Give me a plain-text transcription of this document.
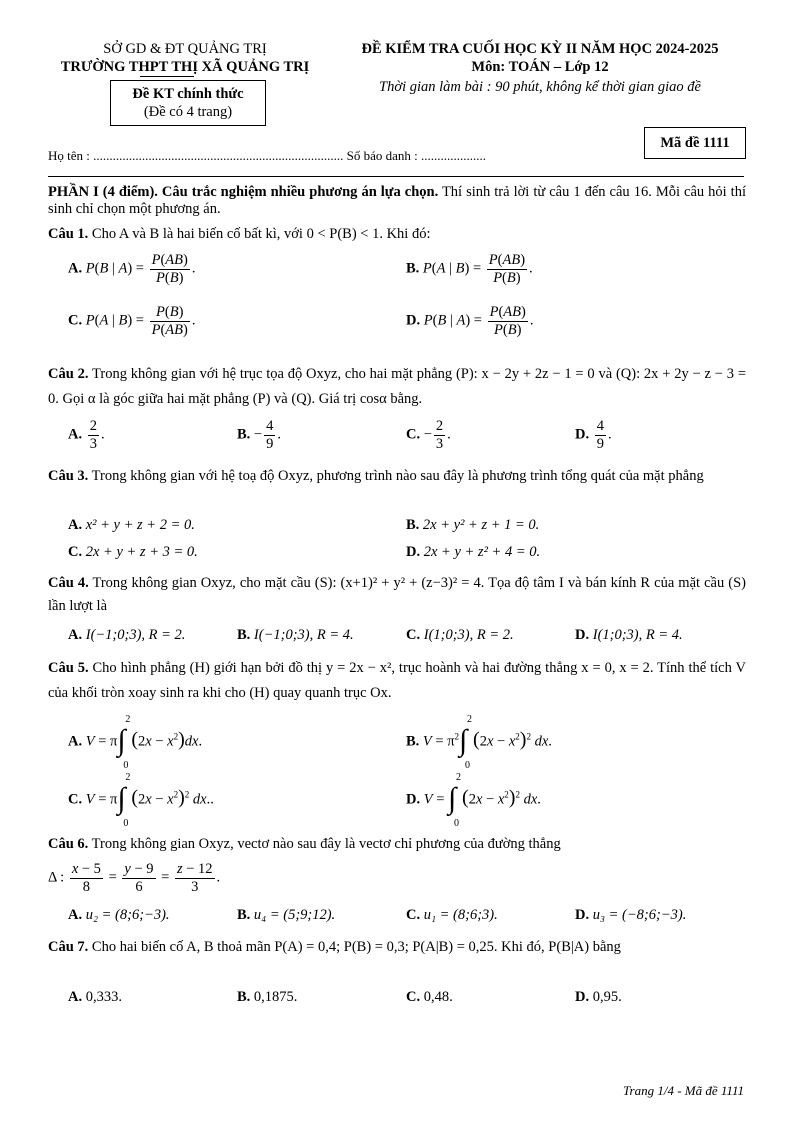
SỞ GD & ĐT QUẢNG TRỊ
TRƯỜNG THPT THỊ XÃ QUẢNG TRỊ
Đề KT chính thức
(Đề có 4 trang)
ĐỀ KIỂM TRA CUỐI HỌC KỲ II NĂM HỌC 2024-2025
Môn: TOÁN – Lớp 12
Thời gian làm bài : 90 phút, không kể thời gian giao đề
Mã đề 1111
Họ tên : ............................................................................. Số báo danh : ....................
PHẦN I (4 điểm). Câu trắc nghiệm nhiều phương án lựa chọn. Thí sinh trả lời từ câu 1 đến câu 16. Mỗi câu hỏi thí sinh chỉ chọn một phương án.
Câu 1. Cho A và B là hai biến cố bất kì, với 0 < P(B) < 1. Khi đó:
A. P(B | $A) = \frac{P(AB)}{P(B)}$ .	B. P(A | $B) = \frac{P(AB)}{P(B)}$ .
C. P(A | $B) = \frac{P(B)}{P(AB)}$ .	D. P(B | $A) = \frac{P(AB)}{P(\overline{B})}$ .
Câu 2. Trong không gian với hệ trục tọa độ Oxyz, cho hai mặt phẳng (P): x − 2y + 2z − 1 = 0 và (Q): 2x + 2y − z − 3 = 0. Gọi α là góc giữa hai mặt phẳng (P) và (Q). Giá trị cosα bằng.
A. $\frac{2}{3}$ .	B. − $\frac{4}{9}$ .	C. − $\frac{2}{3}$ .	D. $\frac{4}{9}$ .
Câu 3. Trong không gian với hệ toạ độ Oxyz, phương trình nào sau đây là phương trình tổng quát của mặt phẳng
A. x² + y + z + 2 = 0.	B. 2x + y² + z + 1 = 0.
C. 2x + y + z + 3 = 0.	D. 2x + y + z² + 4 = 0.
Câu 4. Trong không gian Oxyz, cho mặt cầu (S): (x+1)² + y² + (z−3)² = 4. Tọa độ tâm I và bán kính R của mặt cầu (S) lần lượt là
A. I(−1;0;3), R = 2.	B. I(−1;0;3), R = 4.	C. I(1;0;3), R = 2.	D. I(1;0;3), R = 4.
Câu 5. Cho hình phẳng (H) giới hạn bởi đồ thị y = 2x − x², trục hoành và hai đường thẳng x = 0, x = 2. Tính thể tích V của khối tròn xoay sinh ra khi cho (H) quay quanh trục Ox.
A. V = π ∫
2
0
$(2x - x^2)dx$.	B. $V = \pi^2$ ∫
2
0
$(2x - x^2)^2$ dx.
C. V = π ∫
2
0
$(2x - x^2)^2$ dx..	D. V = ∫
2
0
$(2x - x^2)^2$ dx.
Câu 6. Trong không gian Oxyz, vectơ nào sau đây là vectơ chỉ phương của đường thẳng
Δ : $\frac{x - 5}{8} = \frac{y - 9}{6} = \frac{z - 12}{3}$ .
A. u₂ = (8;6;−3).	B. u₄ = (5;9;12).	C. u₁ = (8;6;3).	D. u₃ = (−8;6;−3).
Câu 7. Cho hai biến cố A, B thoả mãn P(A) = 0,4; P(B) = 0,3; P(A|B) = 0,25. Khi đó, P(B|A) bằng
A. 0,333.	B. 0,1875.	C. 0,48.	D. 0,95.
Trang 1/4 - Mã đề 1111
